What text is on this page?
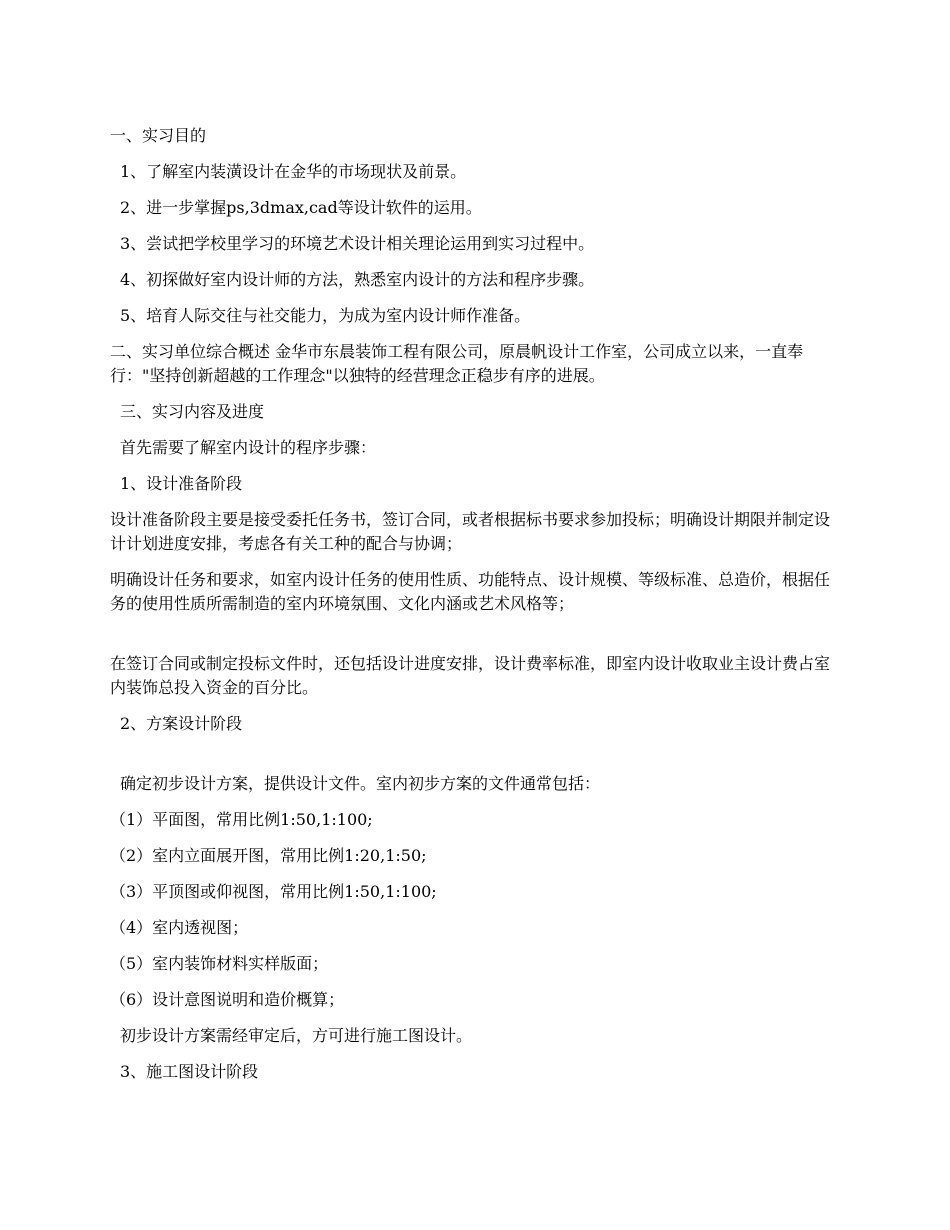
一、实习目的

1、了解室内装潢设计在金华的市场现状及前景。

2、进一步掌握ps,3dmax,cad等设计软件的运用。

3、尝试把学校里学习的环境艺术设计相关理论运用到实习过程中。

4、初探做好室内设计师的方法，熟悉室内设计的方法和程序步骤。

5、培育人际交往与社交能力，为成为室内设计师作准备。

二、实习单位综合概述 金华市东晨装饰工程有限公司，原晨帆设计工作室，公司成立以来，一直奉行："坚持创新超越的工作理念"以独特的经营理念正稳步有序的进展。

三、实习内容及进度

首先需要了解室内设计的程序步骤：

1、设计准备阶段

设计准备阶段主要是接受委托任务书，签订合同，或者根据标书要求参加投标；明确设计期限并制定设计计划进度安排，考虑各有关工种的配合与协调；

明确设计任务和要求，如室内设计任务的使用性质、功能特点、设计规模、等级标准、总造价，根据任务的使用性质所需制造的室内环境氛围、文化内涵或艺术风格等；

在签订合同或制定投标文件时，还包括设计进度安排，设计费率标准，即室内设计收取业主设计费占室内装饰总投入资金的百分比。

2、方案设计阶段

确定初步设计方案，提供设计文件。室内初步方案的文件通常包括：

（1）平面图，常用比例1:50,1:100;

（2）室内立面展开图，常用比例1:20,1:50;

（3）平顶图或仰视图，常用比例1:50,1:100;

（4）室内透视图；

（5）室内装饰材料实样版面；

（6）设计意图说明和造价概算；

初步设计方案需经审定后，方可进行施工图设计。

3、施工图设计阶段
